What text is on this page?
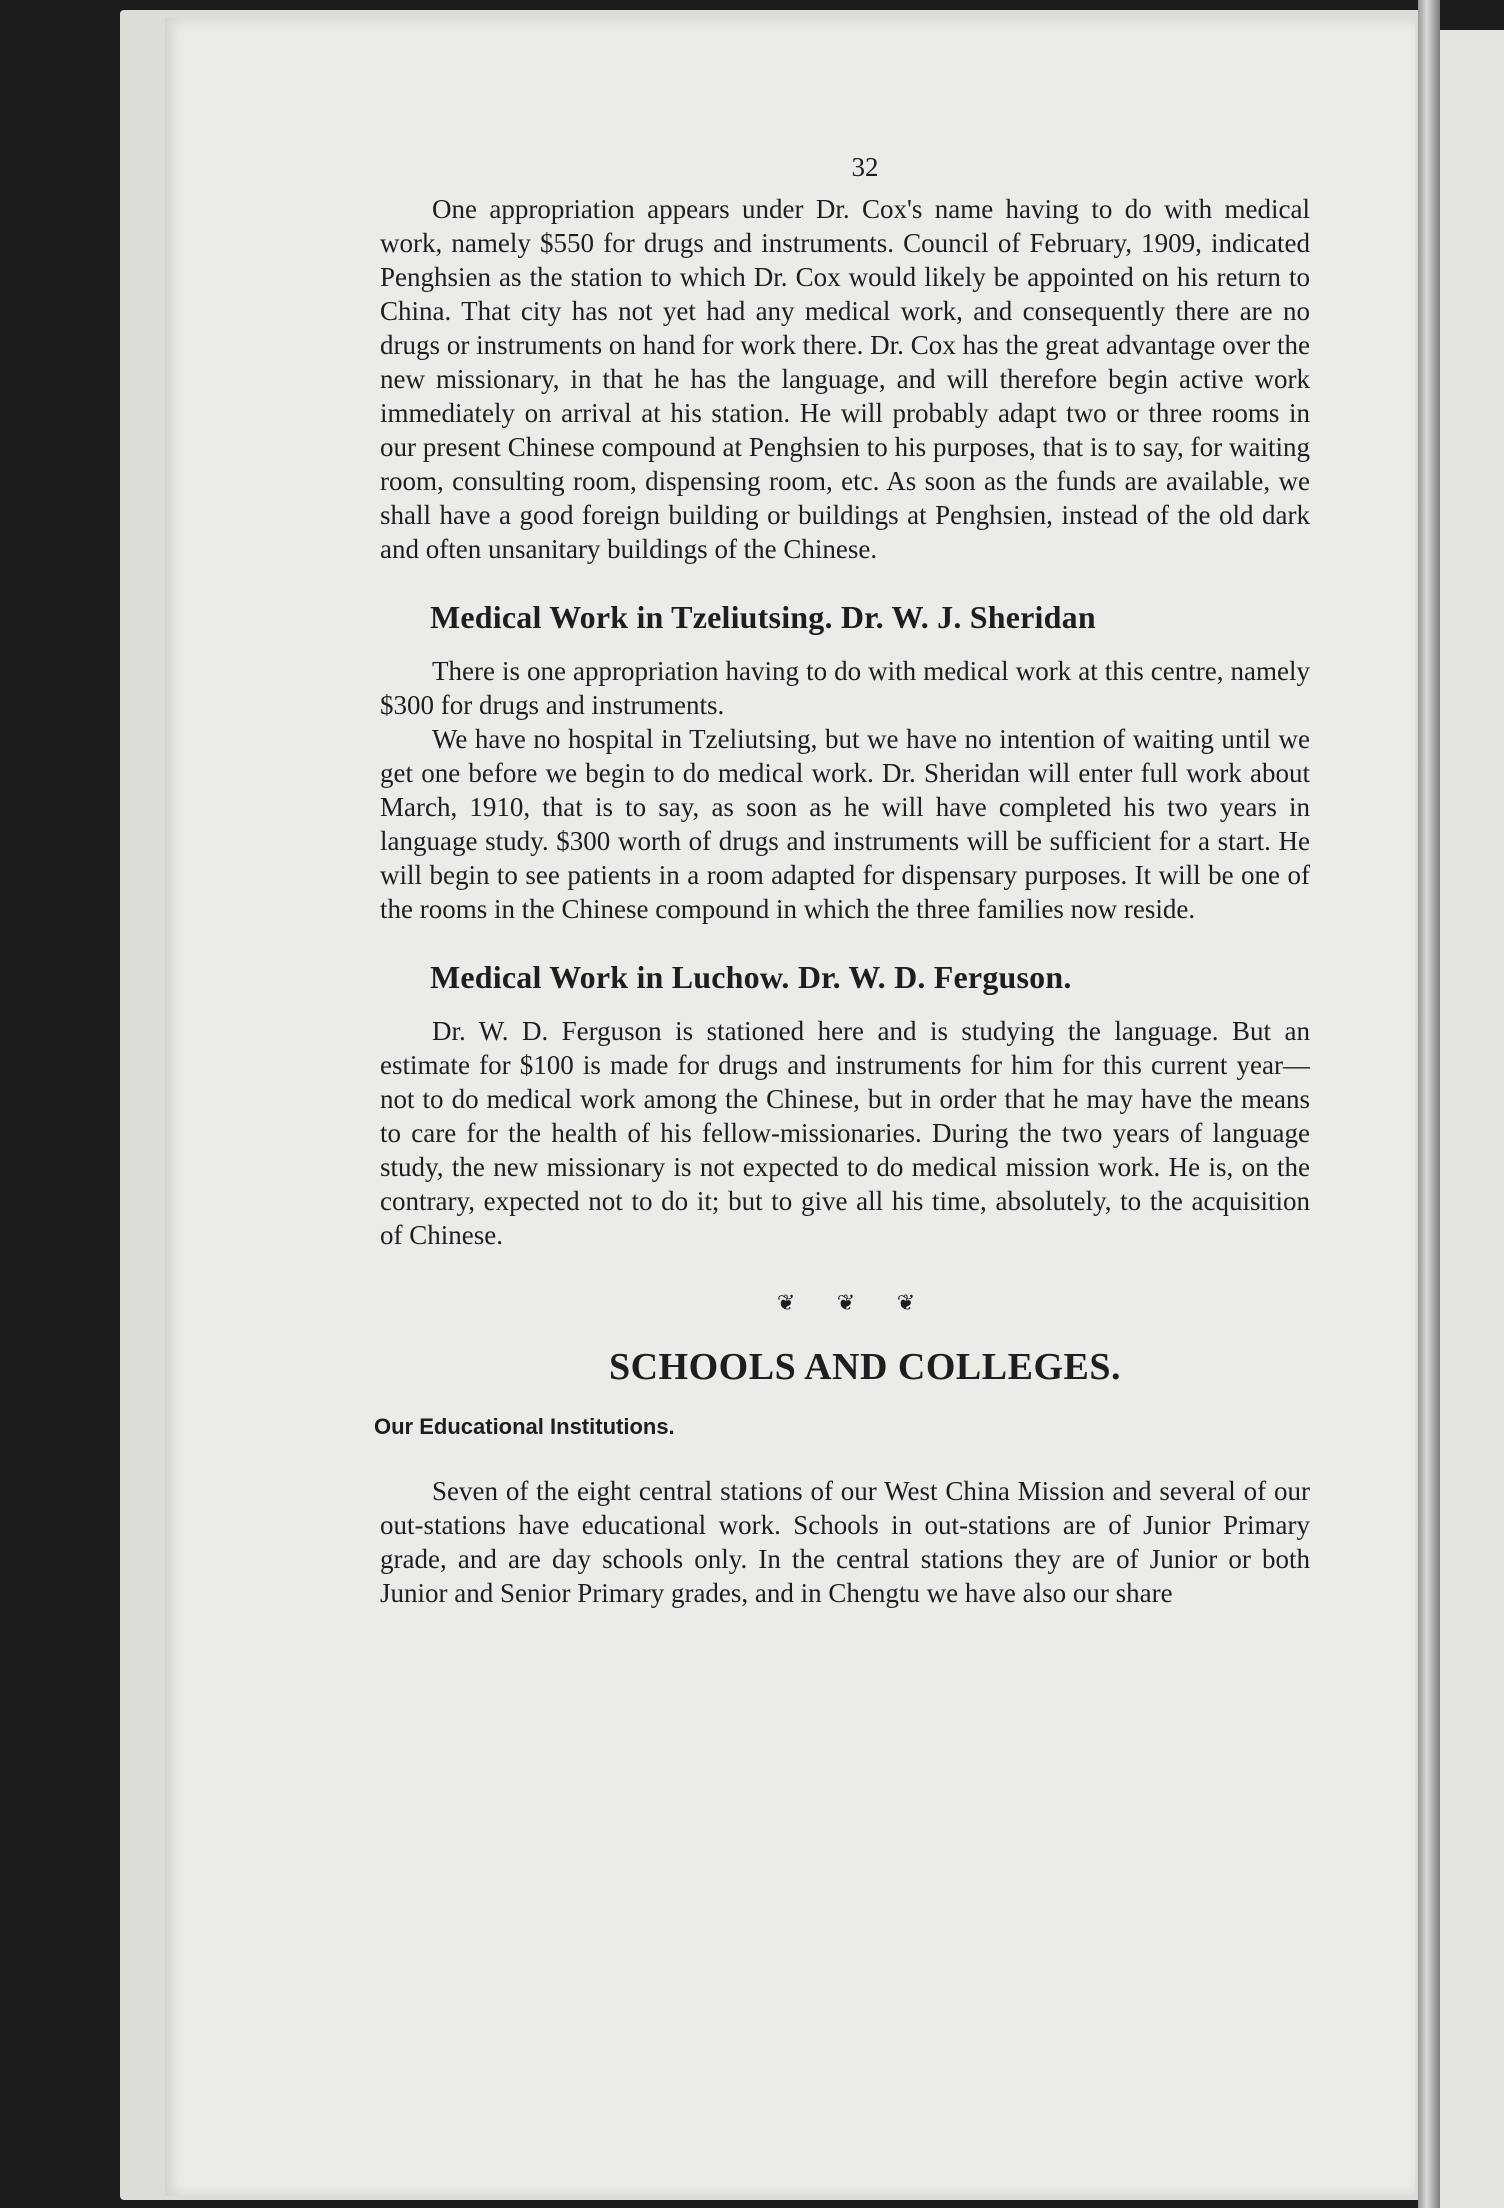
32

One appropriation appears under Dr. Cox's name having to do with medical work, namely $550 for drugs and instruments. Council of February, 1909, indicated Penghsien as the station to which Dr. Cox would likely be appointed on his return to China. That city has not yet had any medical work, and consequently there are no drugs or instruments on hand for work there. Dr. Cox has the great advantage over the new missionary, in that he has the language, and will therefore begin active work immediately on arrival at his station. He will probably adapt two or three rooms in our present Chinese compound at Penghsien to his purposes, that is to say, for waiting room, consulting room, dispensing room, etc. As soon as the funds are available, we shall have a good foreign building or buildings at Penghsien, instead of the old dark and often unsanitary buildings of the Chinese.

Medical Work in Tzeliutsing. Dr. W. J. Sheridan

There is one appropriation having to do with medical work at this centre, namely $300 for drugs and instruments.

We have no hospital in Tzeliutsing, but we have no intention of waiting until we get one before we begin to do medical work. Dr. Sheridan will enter full work about March, 1910, that is to say, as soon as he will have completed his two years in language study. $300 worth of drugs and instruments will be sufficient for a start. He will begin to see patients in a room adapted for dispensary purposes. It will be one of the rooms in the Chinese compound in which the three families now reside.

Medical Work in Luchow. Dr. W. D. Ferguson.

Dr. W. D. Ferguson is stationed here and is studying the language. But an estimate for $100 is made for drugs and instruments for him for this current year—not to do medical work among the Chinese, but in order that he may have the means to care for the health of his fellow-missionaries. During the two years of language study, the new missionary is not expected to do medical mission work. He is, on the contrary, expected not to do it; but to give all his time, absolutely, to the acquisition of Chinese.

❦ ❦ ❦
SCHOOLS AND COLLEGES.
Our Educational Institutions.

Seven of the eight central stations of our West China Mission and several of our out-stations have educational work. Schools in out-stations are of Junior Primary grade, and are day schools only. In the central stations they are of Junior or both Junior and Senior Primary grades, and in Chengtu we have also our share
